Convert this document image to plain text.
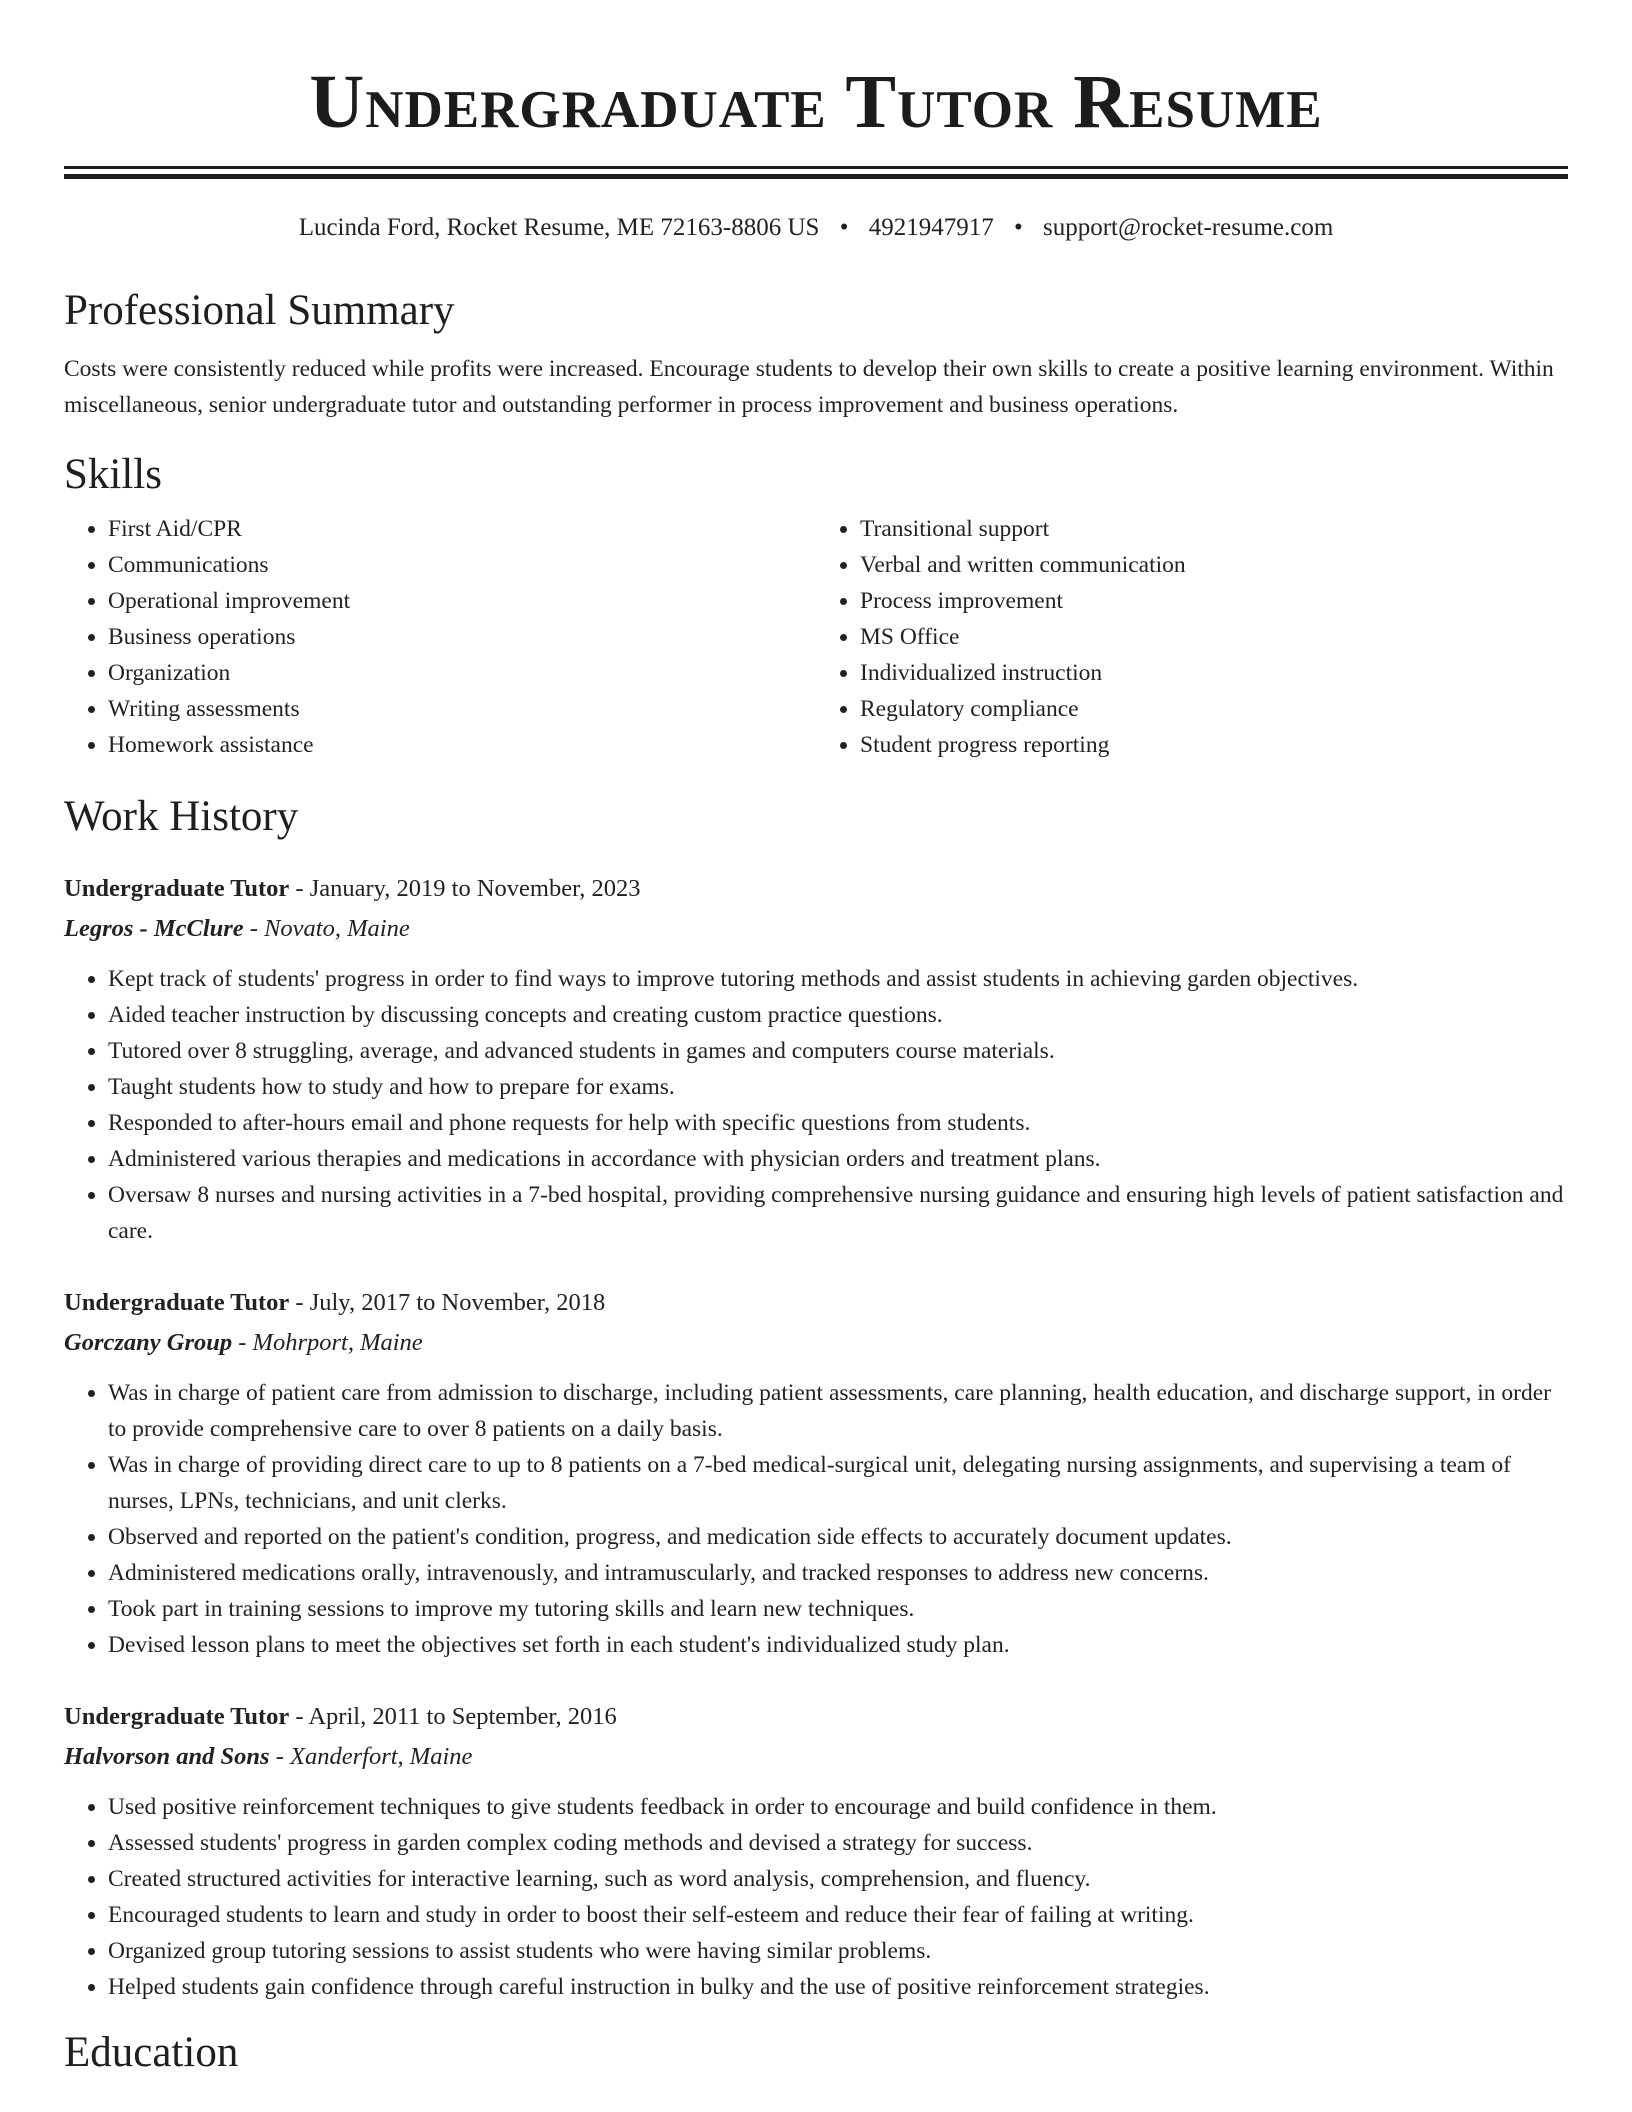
Undergraduate Tutor Resume
Lucinda Ford, Rocket Resume, ME 72163-8806 US • 4921947917 • support@rocket-resume.com
Professional Summary

Costs were consistently reduced while profits were increased. Encourage students to develop their own skills to create a positive learning environment. Within miscellaneous, senior undergraduate tutor and outstanding performer in process improvement and business operations.

Skills
• First Aid/CPR
• Communications
• Operational improvement
• Business operations
• Organization
• Writing assessments
• Homework assistance
• Transitional support
• Verbal and written communication
• Process improvement
• MS Office
• Individualized instruction
• Regulatory compliance
• Student progress reporting
Work History
Undergraduate Tutor - January, 2019 to November, 2023
Legros - McClure - Novato, Maine
• Kept track of students' progress in order to find ways to improve tutoring methods and assist students in achieving garden objectives.
• Aided teacher instruction by discussing concepts and creating custom practice questions.
• Tutored over 8 struggling, average, and advanced students in games and computers course materials.
• Taught students how to study and how to prepare for exams.
• Responded to after-hours email and phone requests for help with specific questions from students.
• Administered various therapies and medications in accordance with physician orders and treatment plans.
• Oversaw 8 nurses and nursing activities in a 7-bed hospital, providing comprehensive nursing guidance and ensuring high levels of patient satisfaction and care.
Undergraduate Tutor - July, 2017 to November, 2018
Gorczany Group - Mohrport, Maine
• Was in charge of patient care from admission to discharge, including patient assessments, care planning, health education, and discharge support, in order to provide comprehensive care to over 8 patients on a daily basis.
• Was in charge of providing direct care to up to 8 patients on a 7-bed medical-surgical unit, delegating nursing assignments, and supervising a team of nurses, LPNs, technicians, and unit clerks.
• Observed and reported on the patient's condition, progress, and medication side effects to accurately document updates.
• Administered medications orally, intravenously, and intramuscularly, and tracked responses to address new concerns.
• Took part in training sessions to improve my tutoring skills and learn new techniques.
• Devised lesson plans to meet the objectives set forth in each student's individualized study plan.
Undergraduate Tutor - April, 2011 to September, 2016
Halvorson and Sons - Xanderfort, Maine
• Used positive reinforcement techniques to give students feedback in order to encourage and build confidence in them.
• Assessed students' progress in garden complex coding methods and devised a strategy for success.
• Created structured activities for interactive learning, such as word analysis, comprehension, and fluency.
• Encouraged students to learn and study in order to boost their self-esteem and reduce their fear of failing at writing.
• Organized group tutoring sessions to assist students who were having similar problems.
• Helped students gain confidence through careful instruction in bulky and the use of positive reinforcement strategies.
Education
